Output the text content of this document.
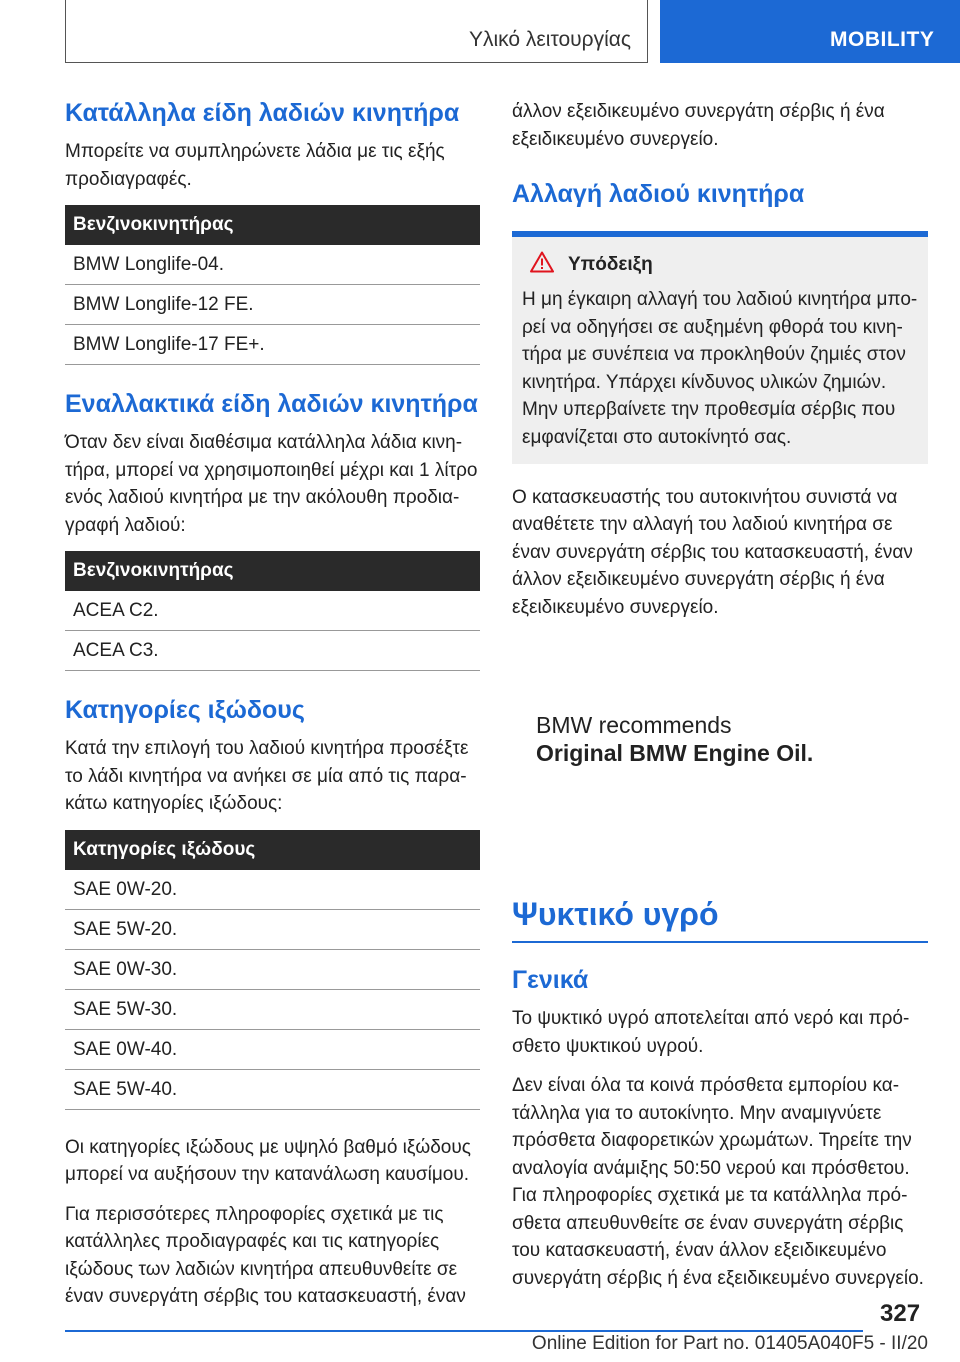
Υλικό λειτουργίας	MOBILITY
Κατάλληλα είδη λαδιών κινητήρα

Μπορείτε να συμπληρώνετε λάδια με τις εξής προδιαγραφές.

Βενζινοκινητήρας
BMW Longlife-04.
BMW Longlife-12 FE.
BMW Longlife-17 FE+.
Εναλλακτικά είδη λαδιών κινητήρα

Όταν δεν είναι διαθέσιμα κατάλληλα λάδια κινητήρα, μπορεί να χρησιμοποιηθεί μέχρι και 1 λίτρο ενός λαδιού κινητήρα με την ακόλουθη προδιαγραφή λαδιού:

Βενζινοκινητήρας
ACEA C2.
ACEA C3.
Κατηγορίες ιξώδους

Κατά την επιλογή του λαδιού κινητήρα προσέξτε το λάδι κινητήρα να ανήκει σε μία από τις παρακάτω κατηγορίες ιξώδους:

Κατηγορίες ιξώδους
SAE 0W-20.
SAE 5W-20.
SAE 0W-30.
SAE 5W-30.
SAE 0W-40.
SAE 5W-40.

Οι κατηγορίες ιξώδους με υψηλό βαθμό ιξώδους μπορεί να αυξήσουν την κατανάλωση καυσίμου.

Για περισσότερες πληροφορίες σχετικά με τις κατάλληλες προδιαγραφές και τις κατηγορίες ιξώδους των λαδιών κινητήρα απευθυνθείτε σε έναν συνεργάτη σέρβις του κατασκευαστή, έναν

άλλον εξειδικευμένο συνεργάτη σέρβις ή ένα εξειδικευμένο συνεργείο.

Αλλαγή λαδιού κινητήρα
Υπόδειξη

Η μη έγκαιρη αλλαγή του λαδιού κινητήρα μπορεί να οδηγήσει σε αυξημένη φθορά του κινητήρα με συνέπεια να προκληθούν ζημιές στον κινητήρα. Υπάρχει κίνδυνος υλικών ζημιών. Μην υπερβαίνετε την προθεσμία σέρβις που εμφανίζεται στο αυτοκίνητό σας.

Ο κατασκευαστής του αυτοκινήτου συνιστά να αναθέτετε την αλλαγή του λαδιού κινητήρα σε έναν συνεργάτη σέρβις του κατασκευαστή, έναν άλλον εξειδικευμένο συνεργάτη σέρβις ή ένα εξειδικευμένο συνεργείο.

BMW recommends
Original BMW Engine Oil.
Ψυκτικό υγρό
Γενικά

Το ψυκτικό υγρό αποτελείται από νερό και πρόσθετο ψυκτικού υγρού.

Δεν είναι όλα τα κοινά πρόσθετα εμπορίου κατάλληλα για το αυτοκίνητο. Μην αναμιγνύετε πρόσθετα διαφορετικών χρωμάτων. Τηρείτε την αναλογία ανάμιξης 50:50 νερού και πρόσθετου. Για πληροφορίες σχετικά με τα κατάλληλα πρόσθετα απευθυνθείτε σε έναν συνεργάτη σέρβις του κατασκευαστή, έναν άλλον εξειδικευμένο συνεργάτη σέρβις ή ένα εξειδικευμένο συνεργείο.

327
Online Edition for Part no. 01405A040F5 - II/20
